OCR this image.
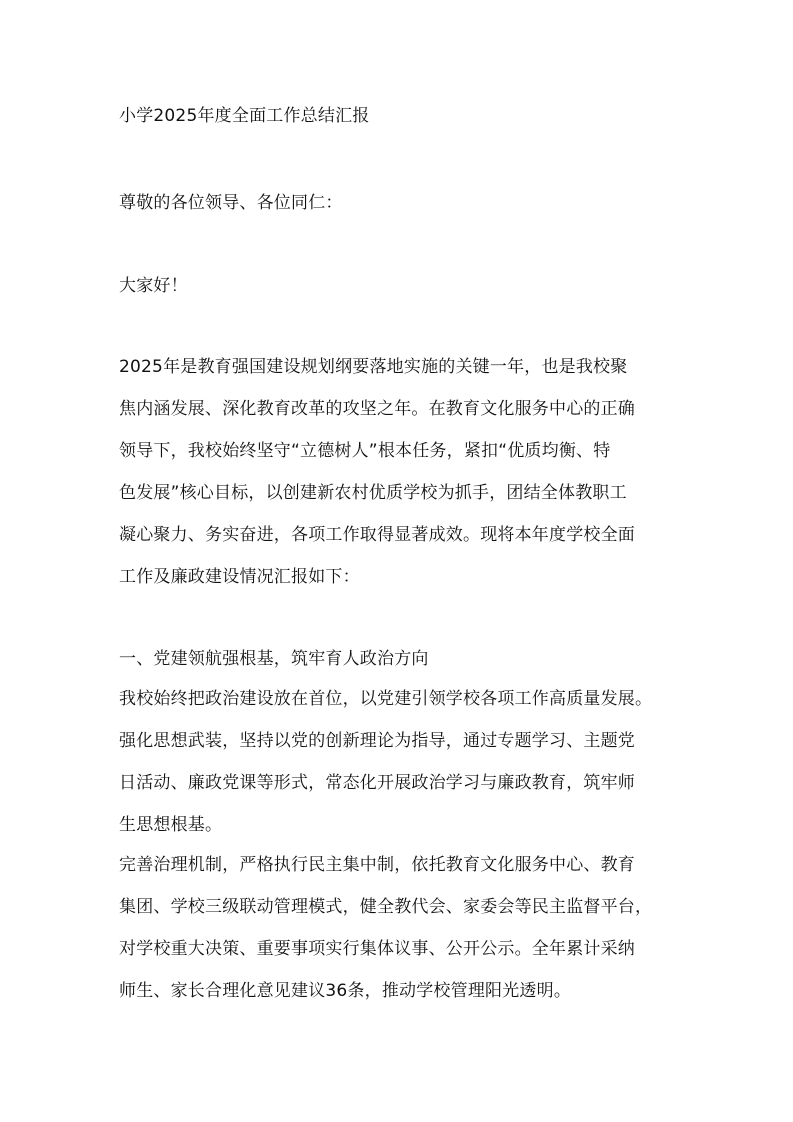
小学2025年度全面工作总结汇报
尊敬的各位领导、各位同仁：
大家好！
2025年是教育强国建设规划纲要落地实施的关键一年，也是我校聚
焦内涵发展、深化教育改革的攻坚之年。在教育文化服务中心的正确
领导下，我校始终坚守“立德树人”根本任务，紧扣“优质均衡、特
色发展”核心目标，以创建新农村优质学校为抓手，团结全体教职工
凝心聚力、务实奋进，各项工作取得显著成效。现将本年度学校全面
工作及廉政建设情况汇报如下：
一、党建领航强根基，筑牢育人政治方向
我校始终把政治建设放在首位，以党建引领学校各项工作高质量发展。
强化思想武装，坚持以党的创新理论为指导，通过专题学习、主题党
日活动、廉政党课等形式，常态化开展政治学习与廉政教育，筑牢师
生思想根基。
完善治理机制，严格执行民主集中制，依托教育文化服务中心、教育
集团、学校三级联动管理模式，健全教代会、家委会等民主监督平台，
对学校重大决策、重要事项实行集体议事、公开公示。全年累计采纳
师生、家长合理化意见建议36条，推动学校管理阳光透明。
